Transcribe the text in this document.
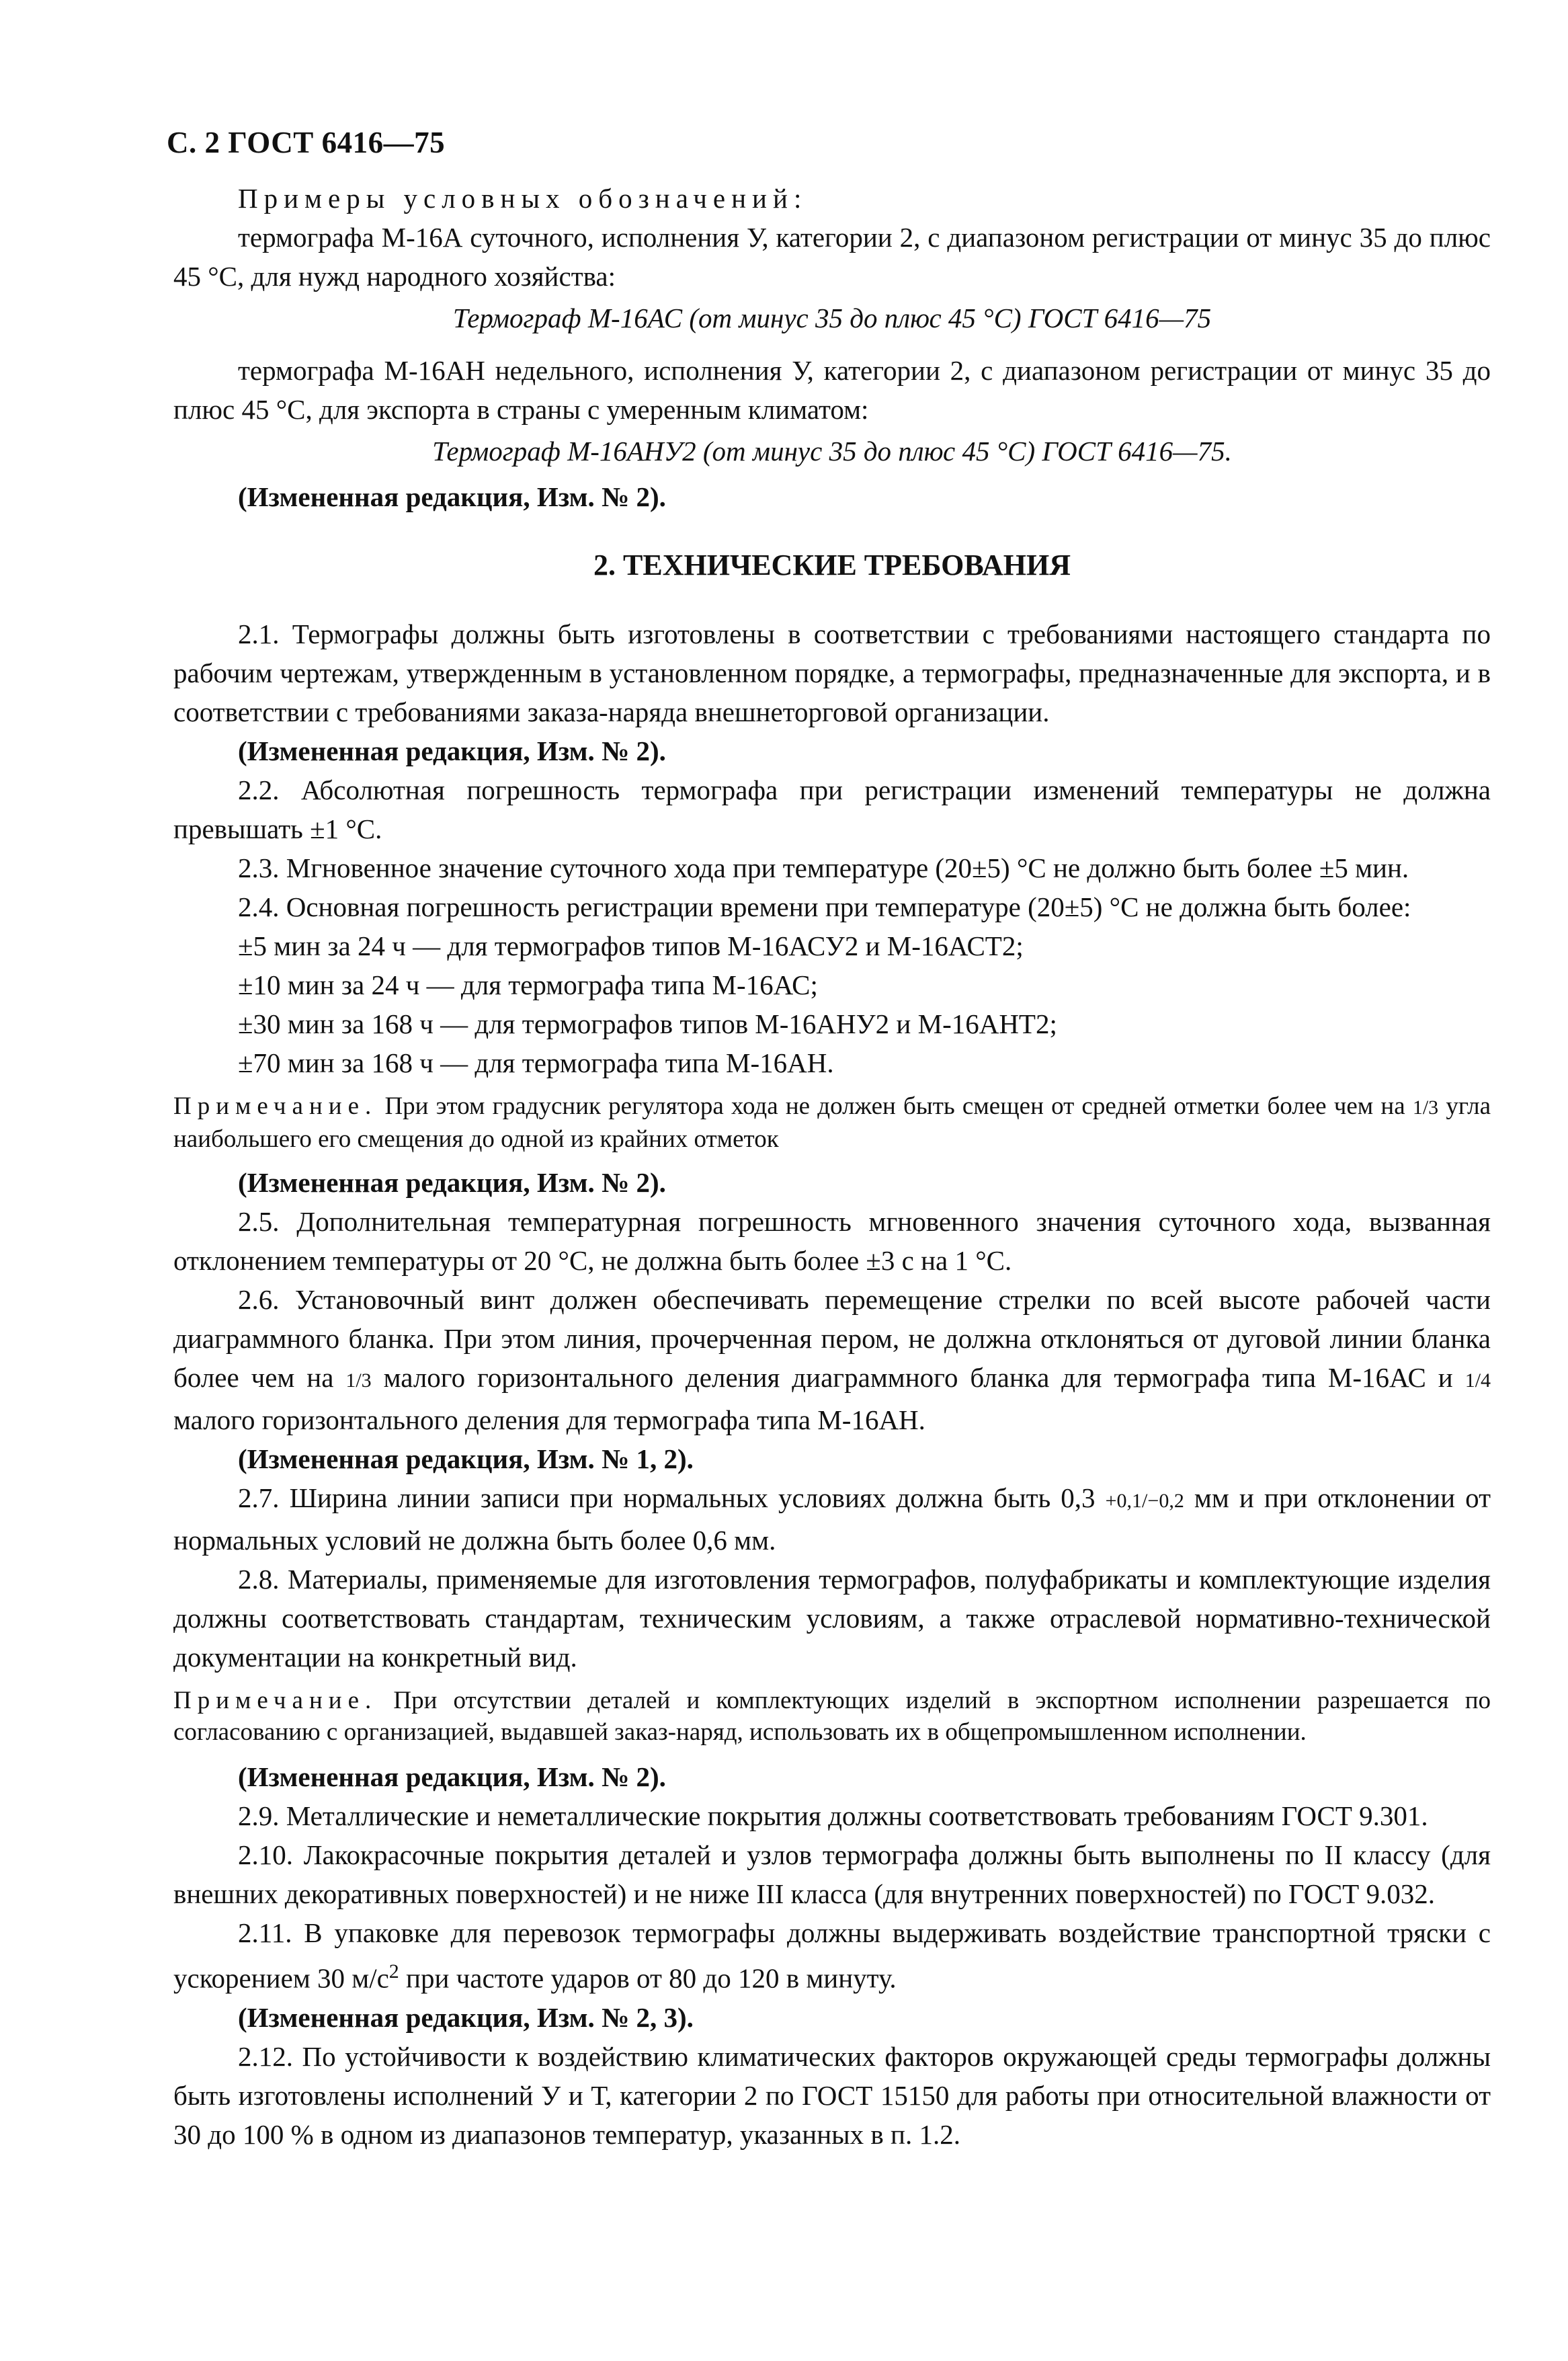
С. 2 ГОСТ 6416—75

Примеры условных обозначений:

термографа М-16А суточного, исполнения У, категории 2, с диапазоном регистрации от минус 35 до плюс 45 °С, для нужд народного хозяйства:

Термограф М-16АС (от минус 35 до плюс 45 °С) ГОСТ 6416—75

термографа М-16АН недельного, исполнения У, категории 2, с диапазоном регистрации от минус 35 до плюс 45 °С, для экспорта в страны с умеренным климатом:

Термограф М-16АНУ2 (от минус 35 до плюс 45 °С) ГОСТ 6416—75.

(Измененная редакция, Изм. № 2).

2. ТЕХНИЧЕСКИЕ ТРЕБОВАНИЯ

2.1. Термографы должны быть изготовлены в соответствии с требованиями настоящего стандарта по рабочим чертежам, утвержденным в установленном порядке, а термографы, предназначенные для экспорта, и в соответствии с требованиями заказа-наряда внешнеторговой организации.

(Измененная редакция, Изм. № 2).

2.2. Абсолютная погрешность термографа при регистрации изменений температуры не должна превышать ±1 °С.

2.3. Мгновенное значение суточного хода при температуре (20±5) °С не должно быть более ±5 мин.

2.4. Основная погрешность регистрации времени при температуре (20±5) °С не должна быть более:

±5 мин за 24 ч — для термографов типов М-16АСУ2 и М-16АСТ2;

±10 мин за 24 ч — для термографа типа М-16АС;

±30 мин за 168 ч — для термографов типов М-16АНУ2 и М-16АНТ2;

±70 мин за 168 ч — для термографа типа М-16АН.

Примечание. При этом градусник регулятора хода не должен быть смещен от средней отметки более чем на 1/3 угла наибольшего его смещения до одной из крайних отметок

(Измененная редакция, Изм. № 2).

2.5. Дополнительная температурная погрешность мгновенного значения суточного хода, вызванная отклонением температуры от 20 °С, не должна быть более ±3 с на 1 °С.

2.6. Установочный винт должен обеспечивать перемещение стрелки по всей высоте рабочей части диаграммного бланка. При этом линия, прочерченная пером, не должна отклоняться от дуговой линии бланка более чем на 1/3 малого горизонтального деления диаграммного бланка для термографа типа М-16АС и 1/4 малого горизонтального деления для термографа типа М-16АН.

(Измененная редакция, Изм. № 1, 2).

2.7. Ширина линии записи при нормальных условиях должна быть 0,3 +0,1/−0,2 мм и при отклонении от нормальных условий не должна быть более 0,6 мм.

2.8. Материалы, применяемые для изготовления термографов, полуфабрикаты и комплектующие изделия должны соответствовать стандартам, техническим условиям, а также отраслевой нормативно-технической документации на конкретный вид.

Примечание. При отсутствии деталей и комплектующих изделий в экспортном исполнении разрешается по согласованию с организацией, выдавшей заказ-наряд, использовать их в общепромышленном исполнении.

(Измененная редакция, Изм. № 2).

2.9. Металлические и неметаллические покрытия должны соответствовать требованиям ГОСТ 9.301.

2.10. Лакокрасочные покрытия деталей и узлов термографа должны быть выполнены по II классу (для внешних декоративных поверхностей) и не ниже III класса (для внутренних поверхностей) по ГОСТ 9.032.

2.11. В упаковке для перевозок термографы должны выдерживать воздействие транспортной тряски с ускорением 30 $м/с^2$ при частоте ударов от 80 до 120 в минуту.

(Измененная редакция, Изм. № 2, 3).

2.12. По устойчивости к воздействию климатических факторов окружающей среды термографы должны быть изготовлены исполнений У и Т, категории 2 по ГОСТ 15150 для работы при относительной влажности от 30 до 100 % в одном из диапазонов температур, указанных в п. 1.2.
